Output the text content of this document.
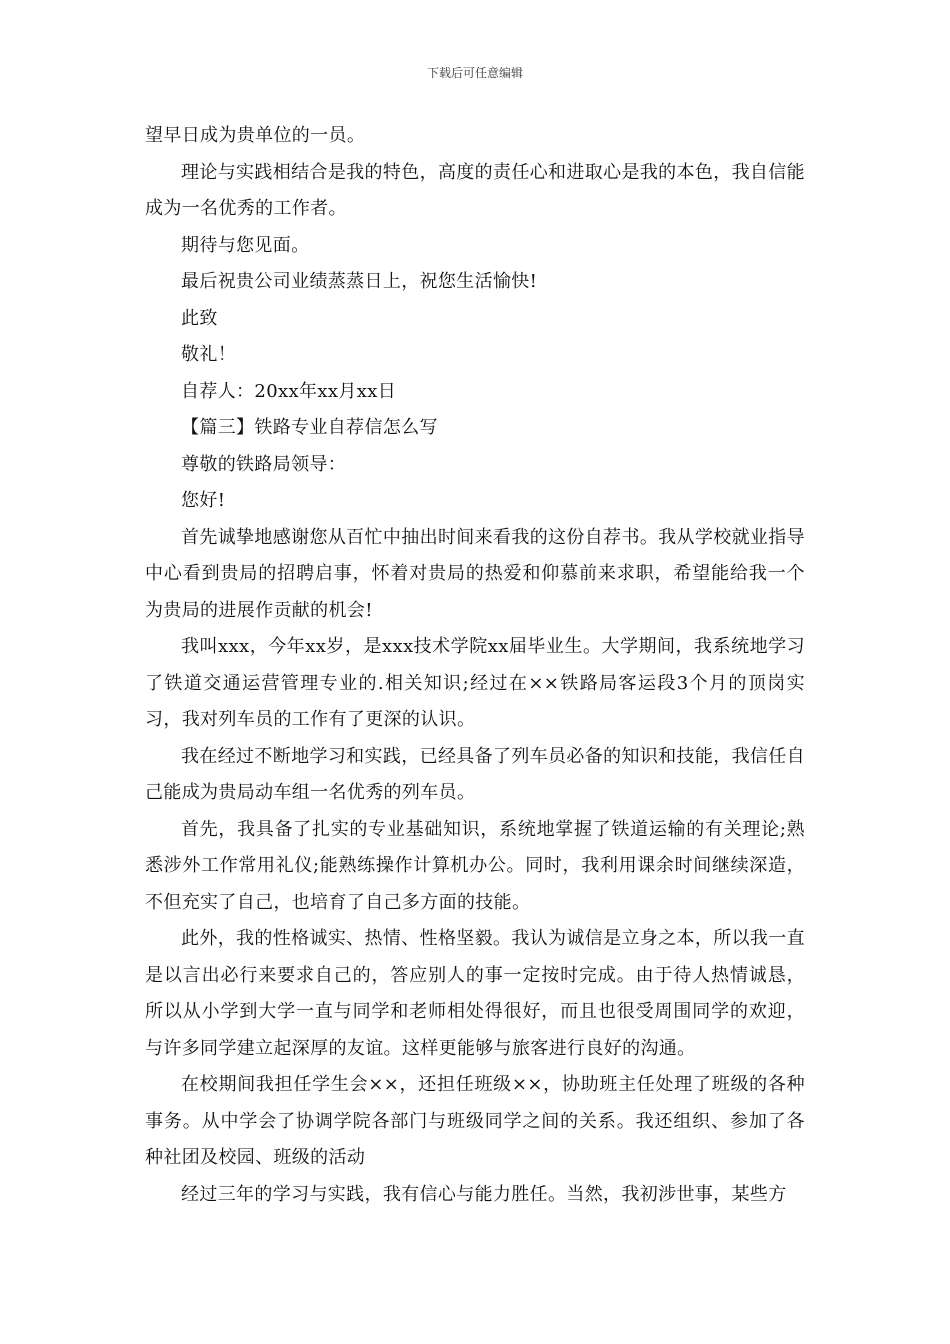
下载后可任意编辑

望早日成为贵单位的一员。

理论与实践相结合是我的特色，高度的责任心和进取心是我的本色，我自信能成为一名优秀的工作者。

期待与您见面。

最后祝贵公司业绩蒸蒸日上，祝您生活愉快!

此致

敬礼！

自荐人：20xx年xx月xx日

【篇三】铁路专业自荐信怎么写

尊敬的铁路局领导：

您好!

首先诚挚地感谢您从百忙中抽出时间来看我的这份自荐书。我从学校就业指导中心看到贵局的招聘启事，怀着对贵局的热爱和仰慕前来求职，希望能给我一个为贵局的进展作贡献的机会!

我叫xxx，今年xx岁，是xxx技术学院xx届毕业生。大学期间，我系统地学习了铁道交通运营管理专业的.相关知识;经过在××铁路局客运段3个月的顶岗实习，我对列车员的工作有了更深的认识。

我在经过不断地学习和实践，已经具备了列车员必备的知识和技能，我信任自己能成为贵局动车组一名优秀的列车员。

首先，我具备了扎实的专业基础知识，系统地掌握了铁道运输的有关理论;熟悉涉外工作常用礼仪;能熟练操作计算机办公。同时，我利用课余时间继续深造，不但充实了自己，也培育了自己多方面的技能。

此外，我的性格诚实、热情、性格坚毅。我认为诚信是立身之本，所以我一直是以言出必行来要求自己的，答应别人的事一定按时完成。由于待人热情诚恳，所以从小学到大学一直与同学和老师相处得很好，而且也很受周围同学的欢迎，与许多同学建立起深厚的友谊。这样更能够与旅客进行良好的沟通。

在校期间我担任学生会××，还担任班级××，协助班主任处理了班级的各种事务。从中学会了协调学院各部门与班级同学之间的关系。我还组织、参加了各种社团及校园、班级的活动

经过三年的学习与实践，我有信心与能力胜任。当然，我初涉世事，某些方
